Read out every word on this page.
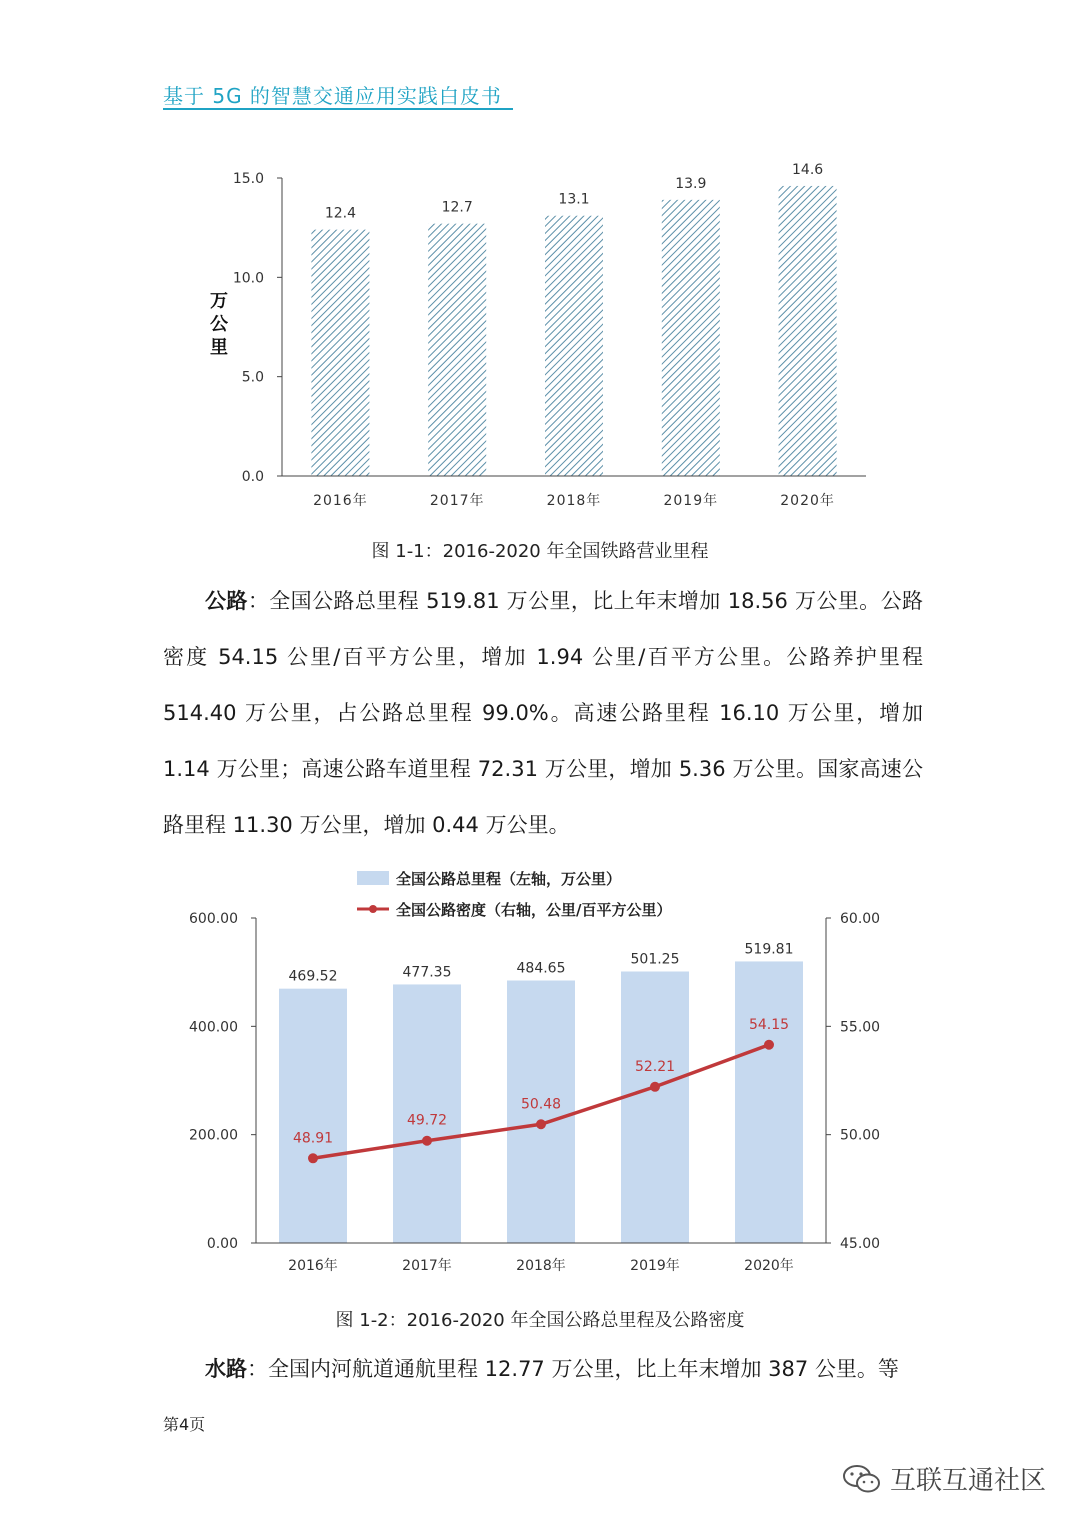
基于 5G 的智慧交通应用实践白皮书
12.4	12.7	13.1
13.9
14.6
2016年	2017年	2018年	2019年	2020年
0.0
5.0
10.0
15.0
万
公
里
图 1-1：2016-2020 年全国铁路营业里程
公路：全国公路总里程 519.81 万公里，比上年末增加 18.56 万公里。公路密度 54.15 公里/百平方公里，增加 1.94 公里/百平方公里。公路养护里程 514.40 万公里，占公路总里程 99.0%。高速公路里程 16.10 万公里，增加 1.14 万公里；高速公路车道里程 72.31 万公里，增加 5.36 万公里。国家高速公路里程 11.30 万公里，增加 0.44 万公里。
全国公路总里程（左轴，万公里）
全国公路密度（右轴，公里/百平方公里）
469.52	477.35	484.65
501.25
519.81
48.91
49.72
50.48
52.21
54.15
2016年	2017年	2018年	2019年	2020年
0.00
200.00
400.00
600.00
45.00
50.00
55.00
60.00
图 1-2：2016-2020 年全国公路总里程及公路密度
水路：全国内河航道通航里程 12.77 万公里，比上年末增加 387 公里。等
第4页
互联互通社区
